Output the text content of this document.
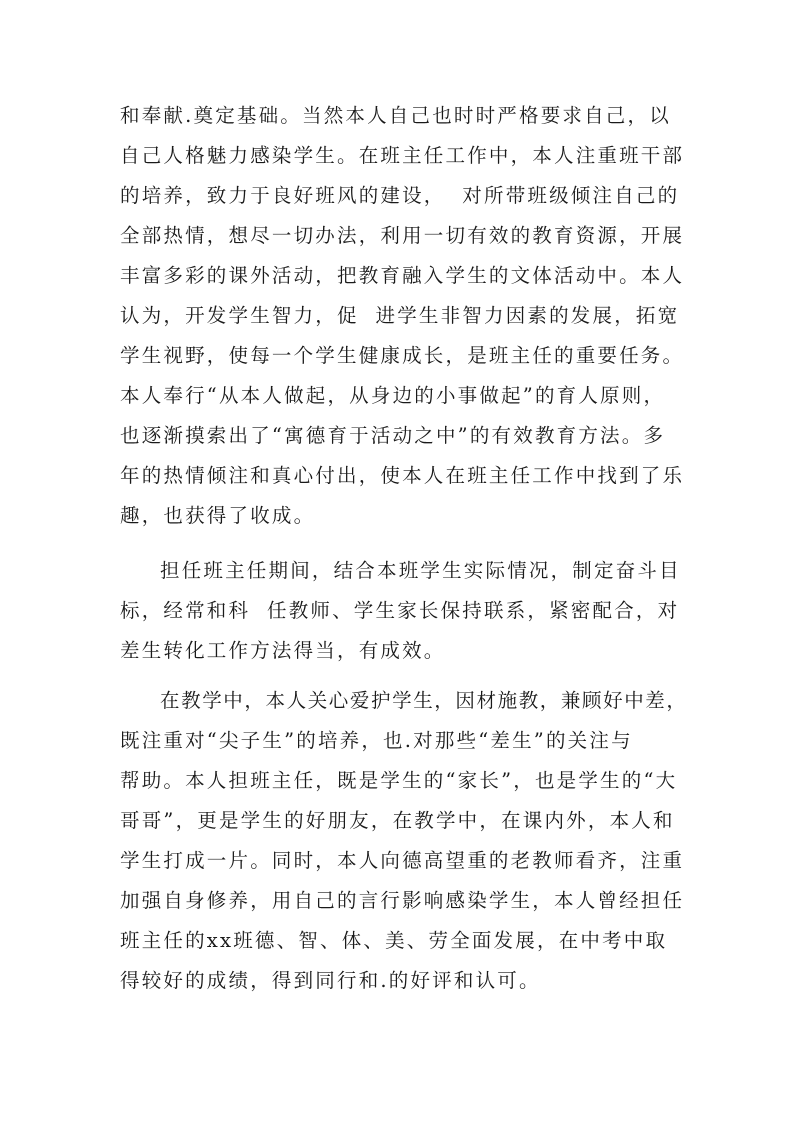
和奉献.奠定基础。当然本人自己也时时严格要求自己，以
自己人格魅力感染学生。在班主任工作中，本人注重班干部
的培养，致力于良好班风的建设，  对所带班级倾注自己的
全部热情，想尽一切办法，利用一切有效的教育资源，开展
丰富多彩的课外活动，把教育融入学生的文体活动中。本人
认为，开发学生智力，促  进学生非智力因素的发展，拓宽
学生视野，使每一个学生健康成长，是班主任的重要任务。
本人奉行“从本人做起，从身边的小事做起”的育人原则，
也逐渐摸索出了“寓德育于活动之中”的有效教育方法。多
年的热情倾注和真心付出，使本人在班主任工作中找到了乐
趣，也获得了收成。
担任班主任期间，结合本班学生实际情况，制定奋斗目
标，经常和科  任教师、学生家长保持联系，紧密配合，对
差生转化工作方法得当，有成效。
在教学中，本人关心爱护学生，因材施教，兼顾好中差，
既注重对“尖子生”的培养，也.对那些“差生”的关注与
帮助。本人担班主任，既是学生的“家长”，也是学生的“大
哥哥”，更是学生的好朋友，在教学中，在课内外，本人和
学生打成一片。同时，本人向德高望重的老教师看齐，注重
加强自身修养，用自己的言行影响感染学生，本人曾经担任
班主任的xx班德、智、体、美、劳全面发展，在中考中取
得较好的成绩，得到同行和.的好评和认可。
